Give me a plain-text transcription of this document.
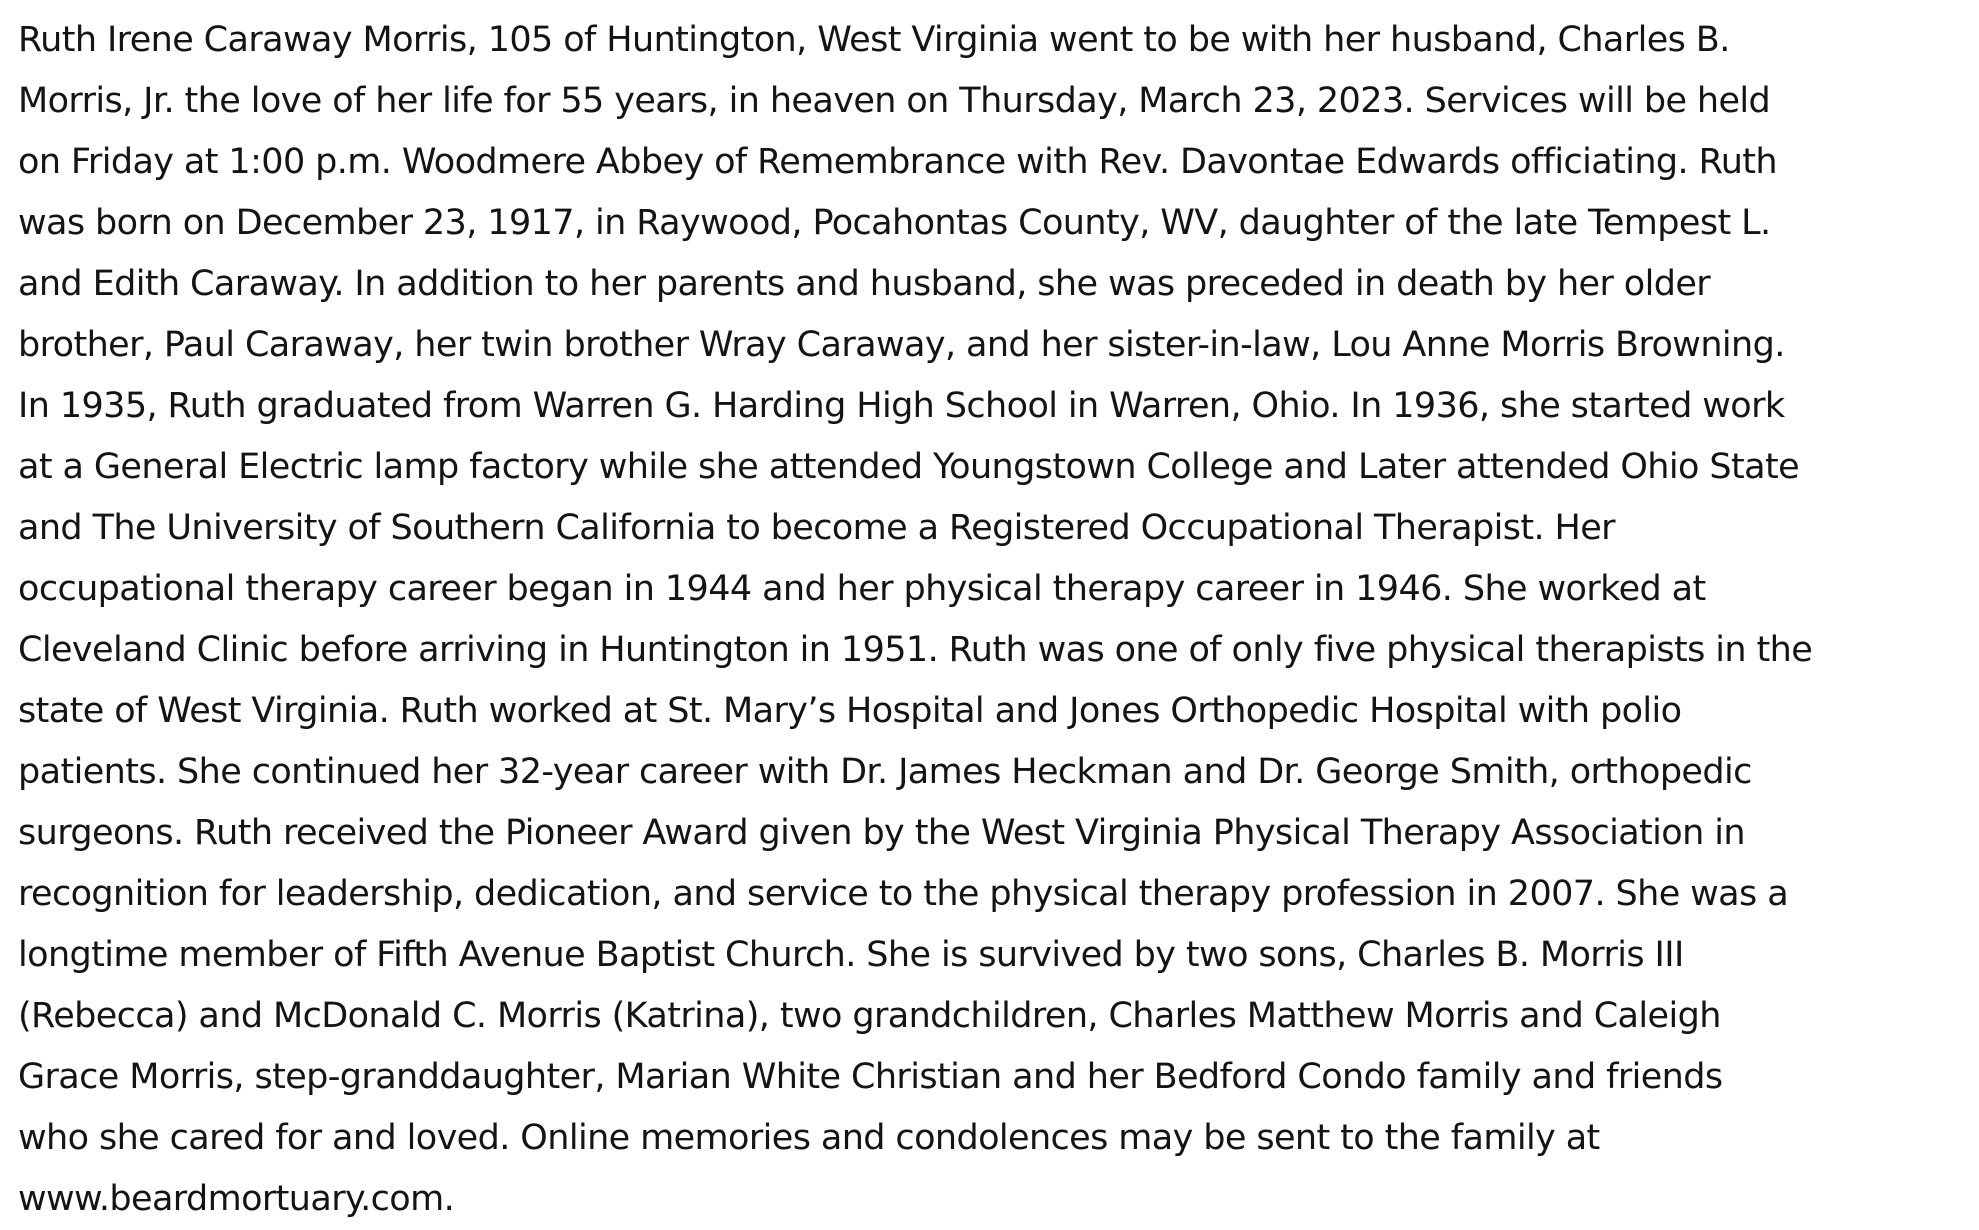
Ruth Irene Caraway Morris, 105 of Huntington, West Virginia went to be with her husband, Charles B.
Morris, Jr. the love of her life for 55 years, in heaven on Thursday, March 23, 2023. Services will be held
on Friday at 1:00 p.m. Woodmere Abbey of Remembrance with Rev. Davontae Edwards officiating. Ruth
was born on December 23, 1917, in Raywood, Pocahontas County, WV, daughter of the late Tempest L.
and Edith Caraway. In addition to her parents and husband, she was preceded in death by her older
brother, Paul Caraway, her twin brother Wray Caraway, and her sister-in-law, Lou Anne Morris Browning.
In 1935, Ruth graduated from Warren G. Harding High School in Warren, Ohio. In 1936, she started work
at a General Electric lamp factory while she attended Youngstown College and Later attended Ohio State
and The University of Southern California to become a Registered Occupational Therapist. Her
occupational therapy career began in 1944 and her physical therapy career in 1946. She worked at
Cleveland Clinic before arriving in Huntington in 1951. Ruth was one of only five physical therapists in the
state of West Virginia. Ruth worked at St. Mary’s Hospital and Jones Orthopedic Hospital with polio
patients. She continued her 32-year career with Dr. James Heckman and Dr. George Smith, orthopedic
surgeons. Ruth received the Pioneer Award given by the West Virginia Physical Therapy Association in
recognition for leadership, dedication, and service to the physical therapy profession in 2007. She was a
longtime member of Fifth Avenue Baptist Church. She is survived by two sons, Charles B. Morris III
(Rebecca) and McDonald C. Morris (Katrina), two grandchildren, Charles Matthew Morris and Caleigh
Grace Morris, step-granddaughter, Marian White Christian and her Bedford Condo family and friends
who she cared for and loved. Online memories and condolences may be sent to the family at
www.beardmortuary.com.
